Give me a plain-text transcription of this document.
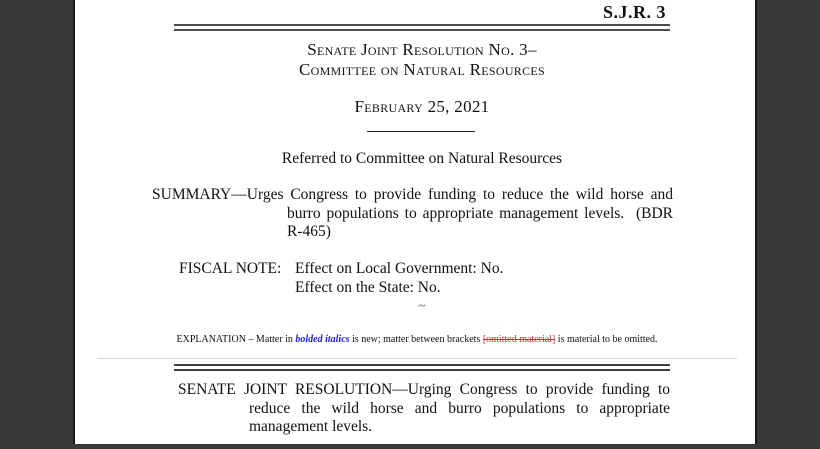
S.J.R. 3
Senate Joint Resolution No. 3–
Committee on Natural Resources
February 25, 2021
Referred to Committee on Natural Resources
SUMMARY—Urges Congress to provide funding to reduce the wild horse and burro populations to appropriate management levels.  (BDR R-465)
FISCAL NOTE: Effect on Local Government: No.
Effect on the State: No.
~
EXPLANATION – Matter in bolded italics is new; matter between brackets [omitted material] is material to be omitted.
SENATE JOINT RESOLUTION—Urging Congress to provide funding to reduce the wild horse and burro populations to appropriate management levels.
